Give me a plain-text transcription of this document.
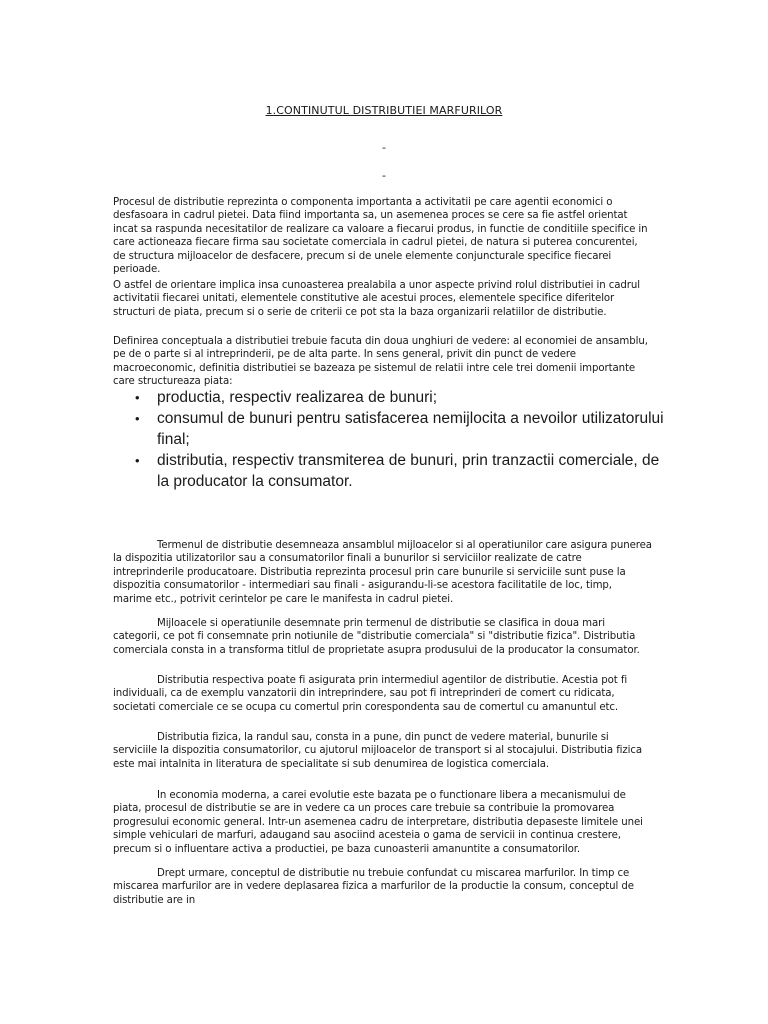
1.CONTINUTUL DISTRIBUTIEI MARFURILOR

-

-

Procesul de distributie reprezinta o componenta importanta a activitatii pe care agentii economici o desfasoara in cadrul pietei. Data fiind importanta sa, un asemenea proces se cere sa fie astfel orientat incat sa raspunda necesitatilor de realizare ca valoare a fiecarui produs, in functie de conditiile specifice in care actioneaza fiecare firma sau societate comerciala in cadrul pietei, de natura si puterea concurentei, de structura mijloacelor de desfacere, precum si de unele elemente conjuncturale specifice fiecarei perioade.

O astfel de orientare implica insa cunoasterea prealabila a unor aspecte privind rolul distributiei in cadrul activitatii fiecarei unitati, elementele constitutive ale acestui proces, elementele specifice diferitelor structuri de piata, precum si o serie de criterii ce pot sta la baza organizarii relatiilor de distributie.

Definirea conceptuala a distributiei trebuie facuta din doua unghiuri de vedere: al economiei de ansamblu, pe de o parte si al intreprinderii, pe de alta parte. In sens general, privit din punct de vedere macroeconomic, definitia distributiei se bazeaza pe sistemul de relatii intre cele trei domenii importante care structureaza piata:

• productia, respectiv realizarea de bunuri;
• consumul de bunuri pentru satisfacerea nemijlocita a nevoilor utilizatorului final;
• distributia, respectiv transmiterea de bunuri, prin tranzactii comerciale, de la producator la consumator.

Termenul de distributie desemneaza ansamblul mijloacelor si al operatiunilor care asigura punerea la dispozitia utilizatorilor sau a consumatorilor finali a bunurilor si serviciilor realizate de catre intreprinderile producatoare. Distributia reprezinta procesul prin care bunurile si serviciile sunt puse la dispozitia consumatorilor - intermediari sau finali - asigurandu-li-se acestora facilitatile de loc, timp, marime etc., potrivit cerintelor pe care le manifesta in cadrul pietei.

Mijloacele si operatiunile desemnate prin termenul de distributie se clasifica in doua mari categorii, ce pot fi consemnate prin notiunile de "distributie comerciala" si "distributie fizica". Distributia comerciala consta in a transforma titlul de proprietate asupra produsului de la producator la consumator.

Distributia respectiva poate fi asigurata prin intermediul agentilor de distributie. Acestia pot fi individuali, ca de exemplu vanzatorii din intreprindere, sau pot fi intreprinderi de comert cu ridicata, societati comerciale ce se ocupa cu comertul prin corespondenta sau de comertul cu amanuntul etc.

Distributia fizica, la randul sau, consta in a pune, din punct de vedere material, bunurile si serviciile la dispozitia consumatorilor, cu ajutorul mijloacelor de transport si al stocajului. Distributia fizica este mai intalnita in literatura de specialitate si sub denumirea de logistica comerciala.

In economia moderna, a carei evolutie este bazata pe o functionare libera a mecanismului de piata, procesul de distributie se are in vedere ca un proces care trebuie sa contribuie la promovarea progresului economic general. Intr-un asemenea cadru de interpretare, distributia depaseste limitele unei simple vehiculari de marfuri, adaugand sau asociind acesteia o gama de servicii in continua crestere, precum si o influentare activa a productiei, pe baza cunoasterii amanuntite a consumatorilor.

Drept urmare, conceptul de distributie nu trebuie confundat cu miscarea marfurilor. In timp ce miscarea marfurilor are in vedere deplasarea fizica a marfurilor de la productie la consum, conceptul de distributie are in
